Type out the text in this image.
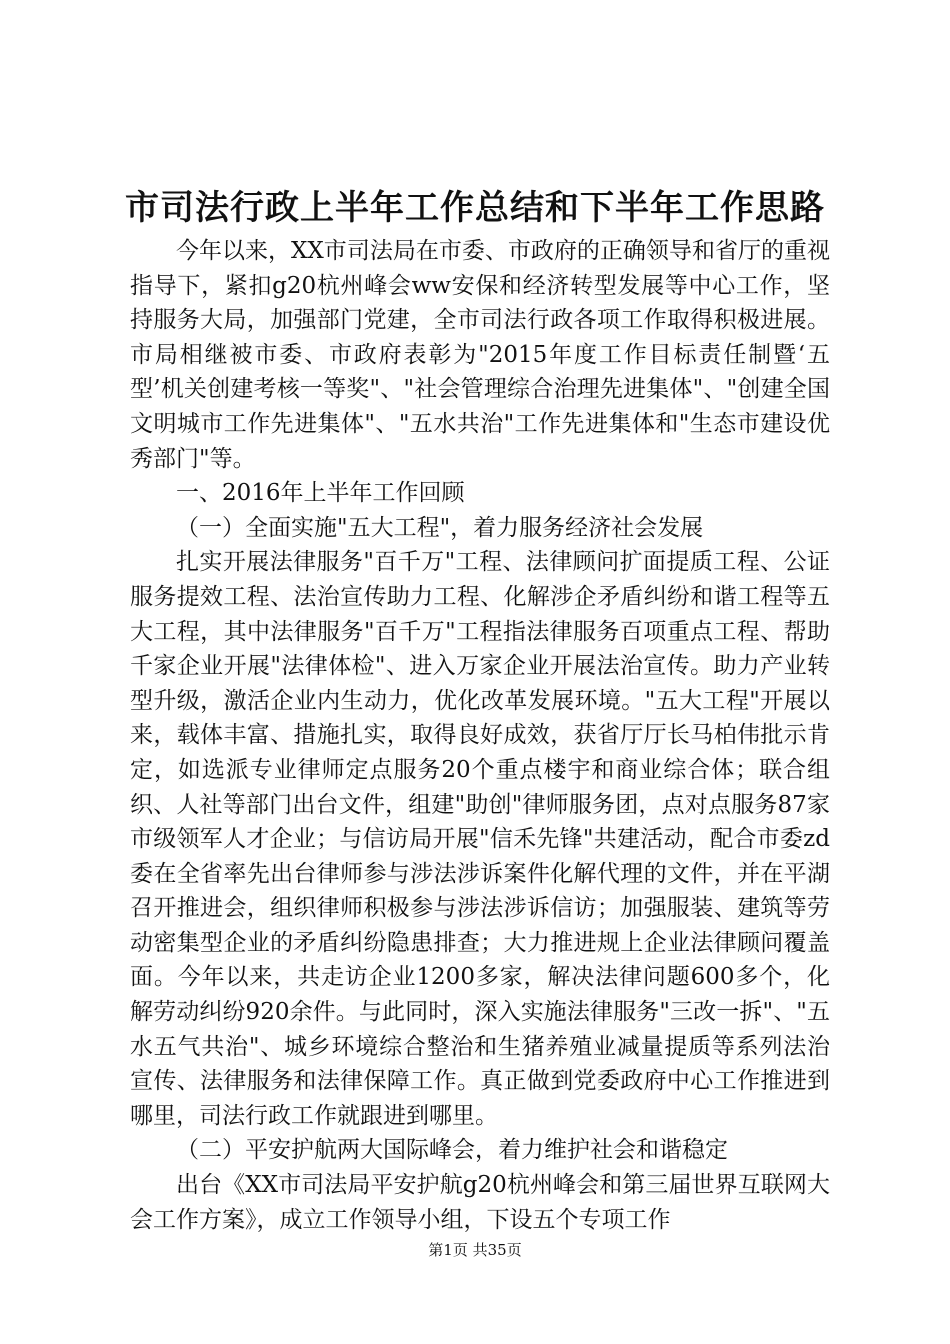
市司法行政上半年工作总结和下半年工作思路

今年以来，XX市司法局在市委、市政府的正确领导和省厅的重视指导下，紧扣g20杭州峰会ww安保和经济转型发展等中心工作，坚持服务大局，加强部门党建，全市司法行政各项工作取得积极进展。市局相继被市委、市政府表彰为"2015年度工作目标责任制暨‘五型’机关创建考核一等奖"、"社会管理综合治理先进集体"、"创建全国文明城市工作先进集体"、"五水共治"工作先进集体和"生态市建设优秀部门"等。

一、2016年上半年工作回顾

（一）全面实施"五大工程"，着力服务经济社会发展

扎实开展法律服务"百千万"工程、法律顾问扩面提质工程、公证服务提效工程、法治宣传助力工程、化解涉企矛盾纠纷和谐工程等五大工程，其中法律服务"百千万"工程指法律服务百项重点工程、帮助千家企业开展"法律体检"、进入万家企业开展法治宣传。助力产业转型升级，激活企业内生动力，优化改革发展环境。"五大工程"开展以来，载体丰富、措施扎实，取得良好成效，获省厅厅长马柏伟批示肯定，如选派专业律师定点服务20个重点楼宇和商业综合体；联合组织、人社等部门出台文件，组建"助创"律师服务团，点对点服务87家市级领军人才企业；与信访局开展"信禾先锋"共建活动，配合市委zd委在全省率先出台律师参与涉法涉诉案件化解代理的文件，并在平湖召开推进会，组织律师积极参与涉法涉诉信访；加强服装、建筑等劳动密集型企业的矛盾纠纷隐患排查；大力推进规上企业法律顾问覆盖面。今年以来，共走访企业1200多家，解决法律问题600多个，化解劳动纠纷920余件。与此同时，深入实施法律服务"三改一拆"、"五水五气共治"、城乡环境综合整治和生猪养殖业减量提质等系列法治宣传、法律服务和法律保障工作。真正做到党委政府中心工作推进到哪里，司法行政工作就跟进到哪里。

（二）平安护航两大国际峰会，着力维护社会和谐稳定

出台《XX市司法局平安护航g20杭州峰会和第三届世界互联网大会工作方案》，成立工作领导小组，下设五个专项工作

第1页 共35页
